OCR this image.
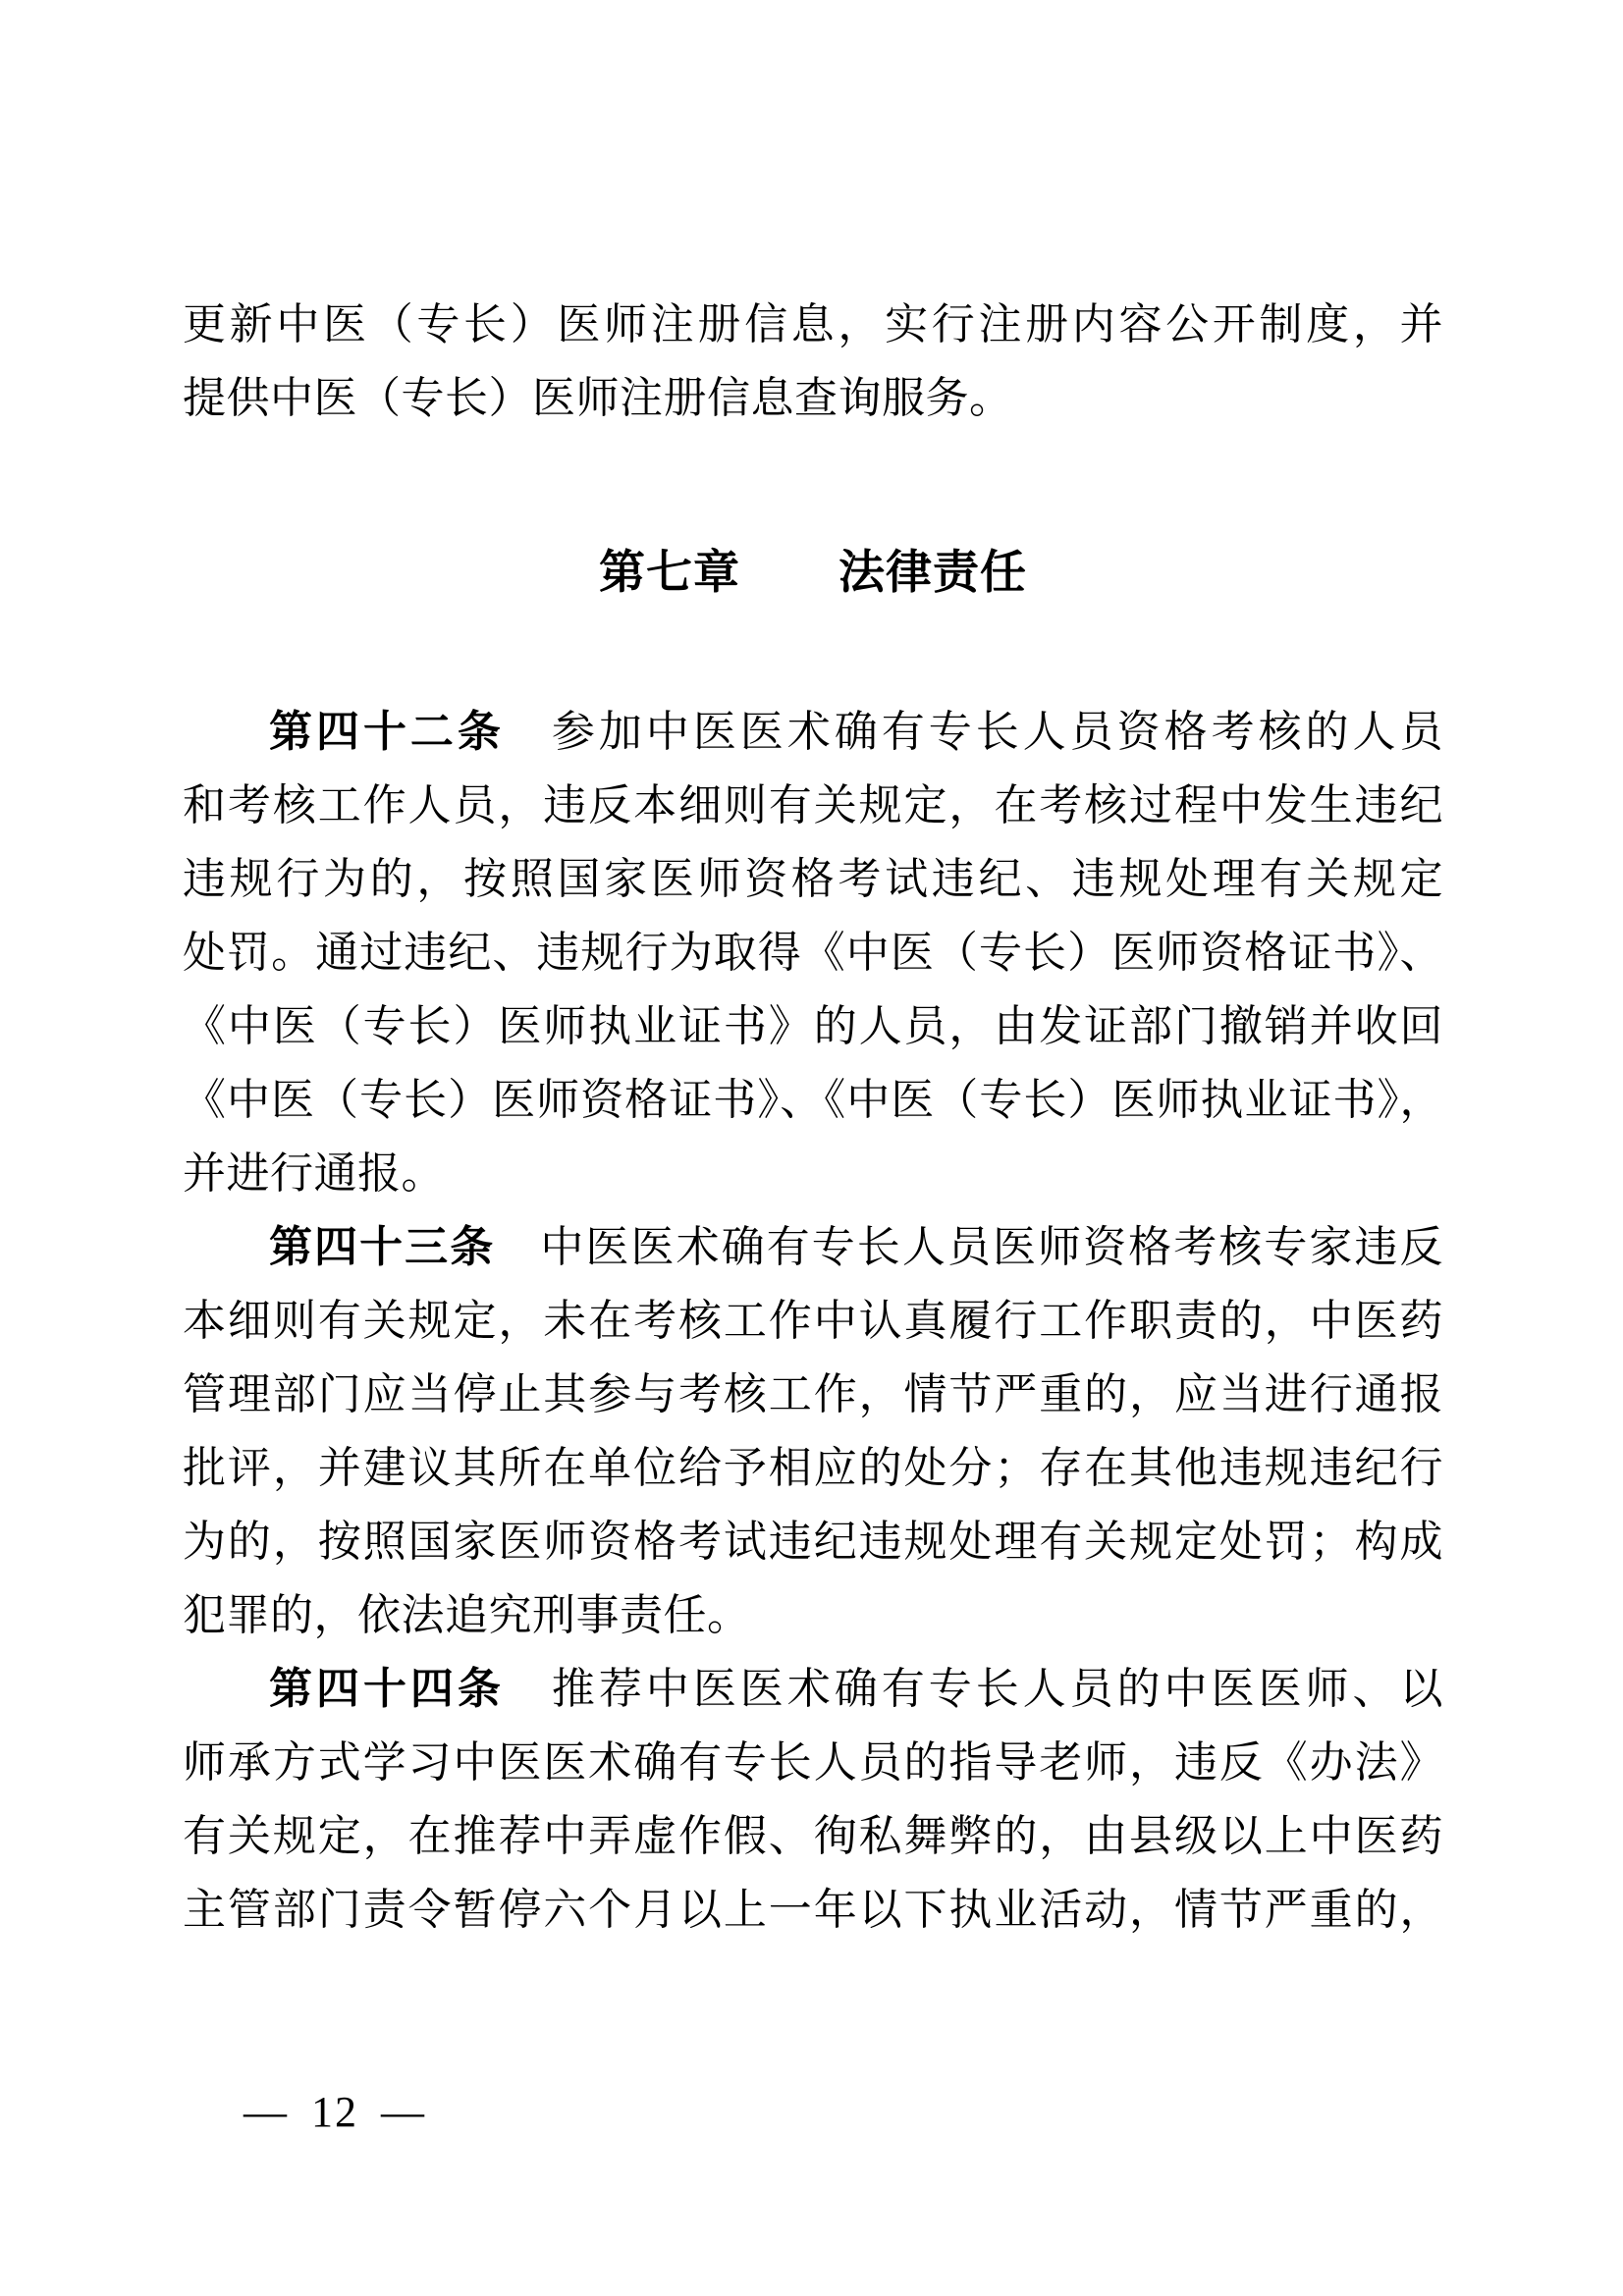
更新中医（专长）医师注册信息，实行注册内容公开制度，并
提供中医（专长）医师注册信息查询服务。
第七章 法律责任
第四十二条　参加中医医术确有专长人员资格考核的人员
和考核工作人员，违反本细则有关规定，在考核过程中发生违纪
违规行为的，按照国家医师资格考试违纪、违规处理有关规定
处罚。通过违纪、违规行为取得《中医（专长）医师资格证书》、
《中医（专长）医师执业证书》的人员，由发证部门撤销并收回
《中医（专长）医师资格证书》、《中医（专长）医师执业证书》，
并进行通报。
第四十三条　中医医术确有专长人员医师资格考核专家违反
本细则有关规定，未在考核工作中认真履行工作职责的，中医药
管理部门应当停止其参与考核工作，情节严重的，应当进行通报
批评，并建议其所在单位给予相应的处分；存在其他违规违纪行
为的，按照国家医师资格考试违纪违规处理有关规定处罚；构成
犯罪的，依法追究刑事责任。
第四十四条　推荐中医医术确有专长人员的中医医师、以
师承方式学习中医医术确有专长人员的指导老师，违反《办法》
有关规定，在推荐中弄虚作假、徇私舞弊的，由县级以上中医药
主管部门责令暂停六个月以上一年以下执业活动，情节严重的，
— 12 —
